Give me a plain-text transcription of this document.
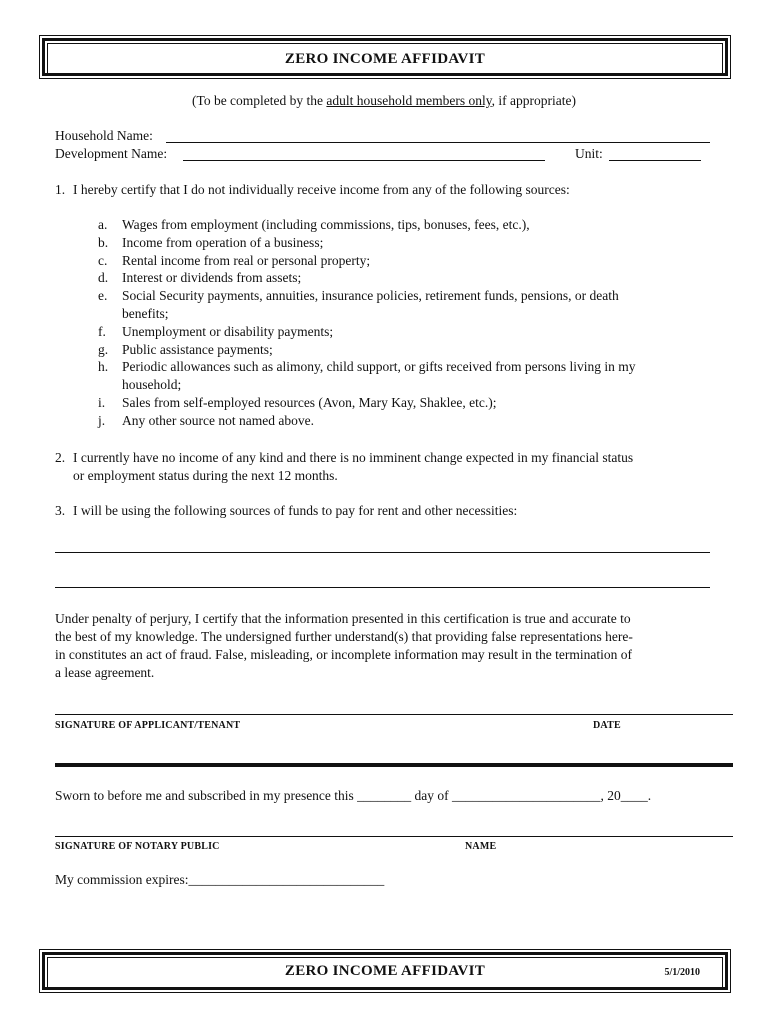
ZERO INCOME AFFIDAVIT
(To be completed by the adult household members only, if appropriate)
Household Name:
Development Name:	Unit:
1. I hereby certify that I do not individually receive income from any of the following sources:
a. Wages from employment (including commissions, tips, bonuses, fees, etc.),
b. Income from operation of a business;
c. Rental income from real or personal property;
d. Interest or dividends from assets;
e. Social Security payments, annuities, insurance policies, retirement funds, pensions, or death
benefits;
f. Unemployment or disability payments;
g. Public assistance payments;
h. Periodic allowances such as alimony, child support, or gifts received from persons living in my
household;
i. Sales from self-employed resources (Avon, Mary Kay, Shaklee, etc.);
j. Any other source not named above.
2. I currently have no income of any kind and there is no imminent change expected in my financial status
or employment status during the next 12 months.
3. I will be using the following sources of funds to pay for rent and other necessities:
Under penalty of perjury, I certify that the information presented in this certification is true and accurate to
the best of my knowledge. The undersigned further understand(s) that providing false representations here-
in constitutes an act of fraud. False, misleading, or incomplete information may result in the termination of
a lease agreement.
SIGNATURE OF APPLICANT/TENANT	DATE
Sworn to before me and subscribed in my presence this ________ day of ______________________, 20____.
SIGNATURE OF NOTARY PUBLIC	NAME
My commission expires:_____________________________
ZERO INCOME AFFIDAVIT	5/1/2010
